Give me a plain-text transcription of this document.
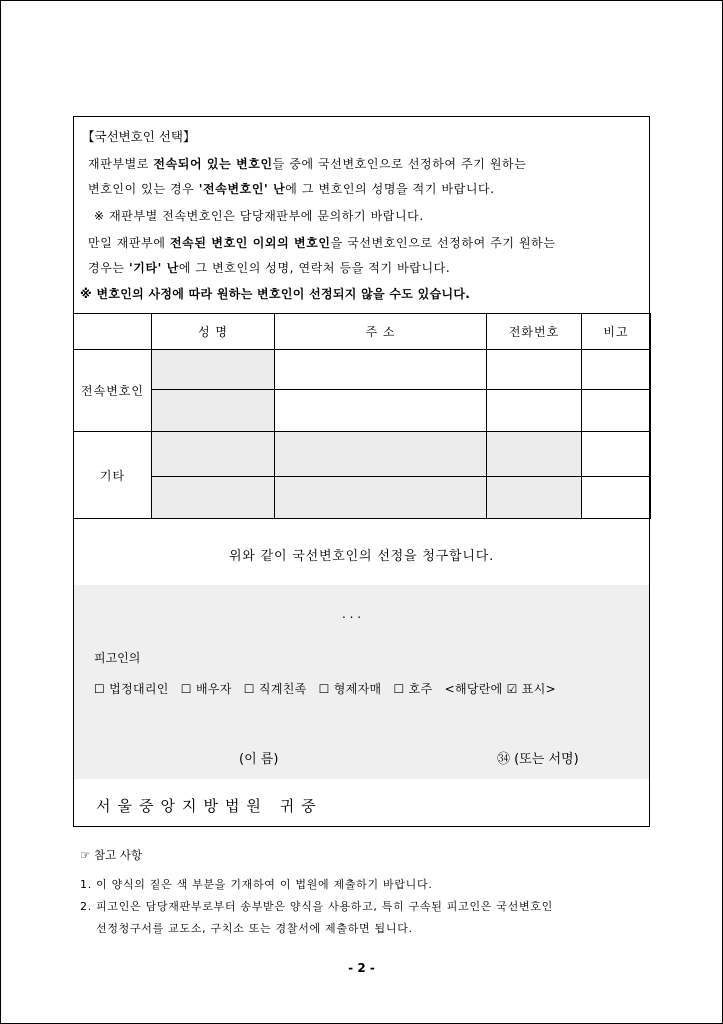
【국선변호인 선택】
재판부별로 전속되어 있는 변호인들 중에 국선변호인으로 선정하여 주기 원하는
변호인이 있는 경우 '전속변호인' 난에 그 변호인의 성명을 적기 바랍니다.
※ 재판부별 전속변호인은 담당재판부에 문의하기 바랍니다.
만일 재판부에 전속된 변호인 이외의 변호인을 국선변호인으로 선정하여 주기 원하는
경우는 '기타' 난에 그 변호인의 성명, 연락처 등을 적기 바랍니다.
※ 변호인의 사정에 따라 원하는 변호인이 선정되지 않을 수도 있습니다.
	성 명	주 소	전화번호	비고
전속변호인				

기타				

위와 같이 국선변호인의 선정을 청구합니다.
. . .
피고인의
☐ 법정대리인 ☐ 배우자 ☐ 직계친족 ☐ 형제자매 ☐ 호주 <해당란에 ☑ 표시>
(이 름)	㉞ (또는 서명)
서울중앙지방법원 귀중
☞ 참고 사항
1. 이 양식의 짙은 색 부분을 기재하여 이 법원에 제출하기 바랍니다.
2. 피고인은 담당재판부로부터 송부받은 양식을 사용하고, 특히 구속된 피고인은 국선변호인
선정청구서를 교도소, 구치소 또는 경찰서에 제출하면 됩니다.
- 2 -
